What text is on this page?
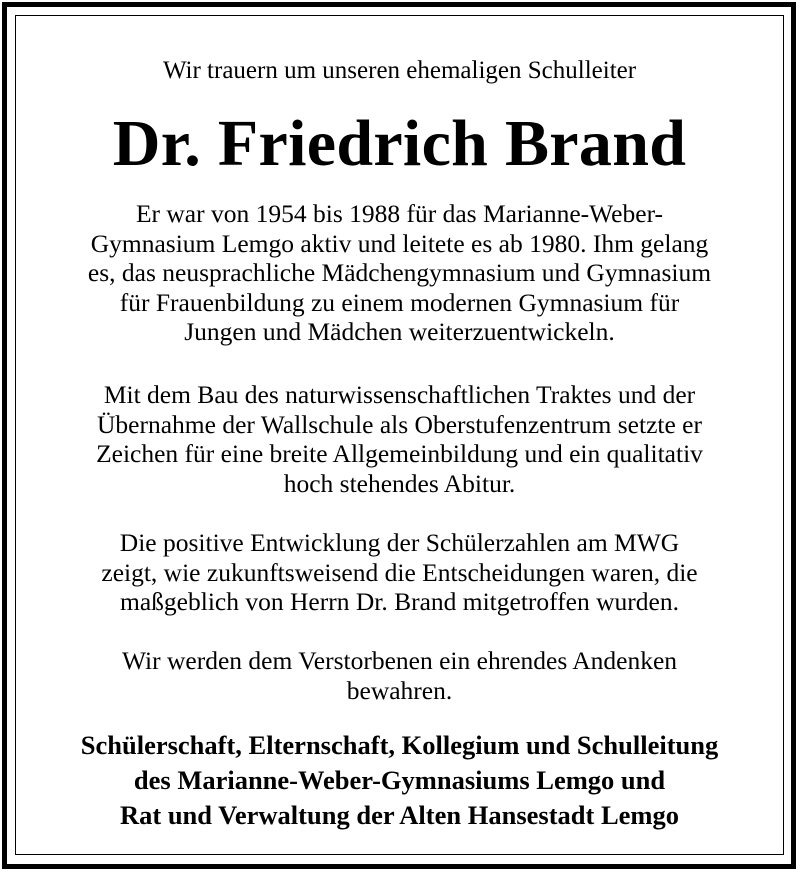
Wir trauern um unseren ehemaligen Schulleiter
Dr. Friedrich Brand
Er war von 1954 bis 1988 für das Marianne-Weber-
Gymnasium Lemgo aktiv und leitete es ab 1980. Ihm gelang
es, das neusprachliche Mädchengymnasium und Gymnasium
für Frauenbildung zu einem modernen Gymnasium für
Jungen und Mädchen weiterzuentwickeln.
Mit dem Bau des naturwissenschaftlichen Traktes und der
Übernahme der Wallschule als Oberstufenzentrum setzte er
Zeichen für eine breite Allgemeinbildung und ein qualitativ
hoch stehendes Abitur.
Die positive Entwicklung der Schülerzahlen am MWG
zeigt, wie zukunftsweisend die Entscheidungen waren, die
maßgeblich von Herrn Dr. Brand mitgetroffen wurden.
Wir werden dem Verstorbenen ein ehrendes Andenken
bewahren.
Schülerschaft, Elternschaft, Kollegium und Schulleitung
des Marianne-Weber-Gymnasiums Lemgo und
Rat und Verwaltung der Alten Hansestadt Lemgo
